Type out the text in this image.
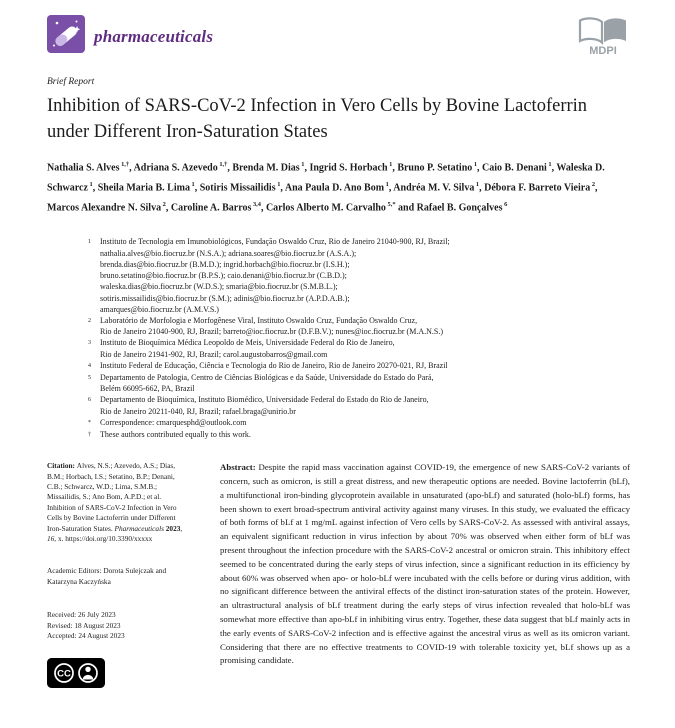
pharmaceuticals
MDPI
Brief Report
Inhibition of SARS-CoV-2 Infection in Vero Cells by Bovine Lactoferrin under Different Iron-Saturation States

Nathalia S. Alves $^{1,\dagger}$, Adriana S. Azevedo $^{1,\dagger}$, Brenda M. Dias $^1$, Ingrid S. Horbach $^1$, Bruno P. Setatino $^1$, Caio B. Denani $^1$, Waleska D. Schwarcz $^1$, Sheila Maria B. Lima $^1$, Sotiris Missailidis $^1$, Ana Paula D. Ano Bom $^1$, Andréa M. V. Silva $^1$, Débora F. Barreto Vieira $^2$, Marcos Alexandre N. Silva $^2$, Caroline A. Barros $^{3,4}$, Carlos Alberto M. Carvalho $^{5,*}$ and Rafael B. Gonçalves $^6$

1	Instituto de Tecnologia em Imunobiológicos, Fundação Oswaldo Cruz, Rio de Janeiro 21040-900, RJ, Brazil;
nathalia.alves@bio.fiocruz.br (N.S.A.); adriana.soares@bio.fiocruz.br (A.S.A.);
brenda.dias@bio.fiocruz.br (B.M.D.); ingrid.horbach@bio.fiocruz.br (I.S.H.);
bruno.setatino@bio.fiocruz.br (B.P.S.); caio.denani@bio.fiocruz.br (C.B.D.);
waleska.dias@bio.fiocruz.br (W.D.S.); smaria@bio.fiocruz.br (S.M.B.L.);
sotiris.missailidis@bio.fiocruz.br (S.M.); adinis@bio.fiocruz.br (A.P.D.A.B.);
amarques@bio.fiocruz.br (A.M.V.S.)
2	Laboratório de Morfologia e Morfogênese Viral, Instituto Oswaldo Cruz, Fundação Oswaldo Cruz,
Rio de Janeiro 21040-900, RJ, Brazil; barreto@ioc.fiocruz.br (D.F.B.V.); nunes@ioc.fiocruz.br (M.A.N.S.)
3	Instituto de Bioquímica Médica Leopoldo de Meis, Universidade Federal do Rio de Janeiro,
Rio de Janeiro 21941-902, RJ, Brazil; carol.augustobarros@gmail.com
4	Instituto Federal de Educação, Ciência e Tecnologia do Rio de Janeiro, Rio de Janeiro 20270-021, RJ, Brazil
5	Departamento de Patologia, Centro de Ciências Biológicas e da Saúde, Universidade do Estado do Pará,
Belém 66095-662, PA, Brazil
6	Departamento de Bioquímica, Instituto Biomédico, Universidade Federal do Estado do Rio de Janeiro,
Rio de Janeiro 20211-040, RJ, Brazil; rafael.braga@unirio.br
*	Correspondence: cmarquesphd@outlook.com
†	These authors contributed equally to this work.

Citation: Alves, N.S.; Azevedo, A.S.; Dias, B.M.; Horbach, I.S.; Setatino, B.P.; Denani, C.B.; Schwarcz, W.D.; Lima, S.M.B.; Missailidis, S.; Ano Bom, A.P.D.; et al. Inhibition of SARS-CoV-2 Infection in Vero Cells by Bovine Lactoferrin under Different Iron-Saturation States. Pharmaceuticals 2023, 16, x. https://doi.org/10.3390/xxxxx

Academic Editors: Dorota Sulejczak and Katarzyna Kaczyńska

Received: 26 July 2023
Revised: 18 August 2023
Accepted: 24 August 2023
CC
Abstract: Despite the rapid mass vaccination against COVID-19, the emergence of new SARS-CoV-2 variants of concern, such as omicron, is still a great distress, and new therapeutic options are needed. Bovine lactoferrin (bLf), a multifunctional iron-binding glycoprotein available in unsaturated (apo-bLf) and saturated (holo-bLf) forms, has been shown to exert broad-spectrum antiviral activity against many viruses. In this study, we evaluated the efficacy of both forms of bLf at 1 mg/mL against infection of Vero cells by SARS-CoV-2. As assessed with antiviral assays, an equivalent significant reduction in virus infection by about 70% was observed when either form of bLf was present throughout the infection procedure with the SARS-CoV-2 ancestral or omicron strain. This inhibitory effect seemed to be concentrated during the early steps of virus infection, since a significant reduction in its efficiency by about 60% was observed when apo- or holo-bLf were incubated with the cells before or during virus addition, with no significant difference between the antiviral effects of the distinct iron-saturation states of the protein. However, an ultrastructural analysis of bLf treatment during the early steps of virus infection revealed that holo-bLf was somewhat more effective than apo-bLf in inhibiting virus entry. Together, these data suggest that bLf mainly acts in the early events of SARS-CoV-2 infection and is effective against the ancestral virus as well as its omicron variant. Considering that there are no effective treatments to COVID-19 with tolerable toxicity yet, bLf shows up as a promising candidate.
